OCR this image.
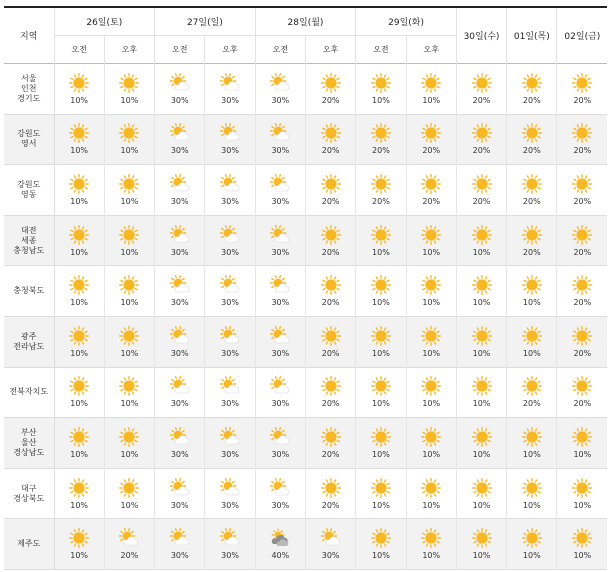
지역	26일(토)		27일(일)		28일(월)		29일(화)		30일(수)	01일(목)	02일(금)
	오전	오후	오전	오후	오전	오후	오전	오후			

서울
인천
경기도	10%	10%	30%	30%	30%	20%	10%	10%	20%	20%	20%

강원도
영서	10%	10%	30%	30%	30%	20%	20%	20%	20%	20%	20%

강원도
영동	10%	10%	30%	30%	30%	20%	20%	20%	20%	20%	20%

대전
세종
충청남도	10%	10%	30%	30%	30%	20%	10%	10%	10%	20%	20%

충청북도	10%	10%	30%	30%	30%	20%	10%	10%	10%	10%	20%

광주
전라남도	10%	10%	30%	30%	30%	20%	10%	10%	10%	10%	20%

전북자치도	10%	10%	30%	30%	30%	20%	10%	10%	10%	20%	20%

부산
울산
경상남도	10%	10%	30%	30%	30%	20%	10%	10%	10%	10%	10%

대구
경상북도	10%	10%	30%	30%	30%	20%	10%	10%	10%	10%	10%

제주도	10%	20%	30%	30%	40%	30%	10%	10%	10%	10%	10%
